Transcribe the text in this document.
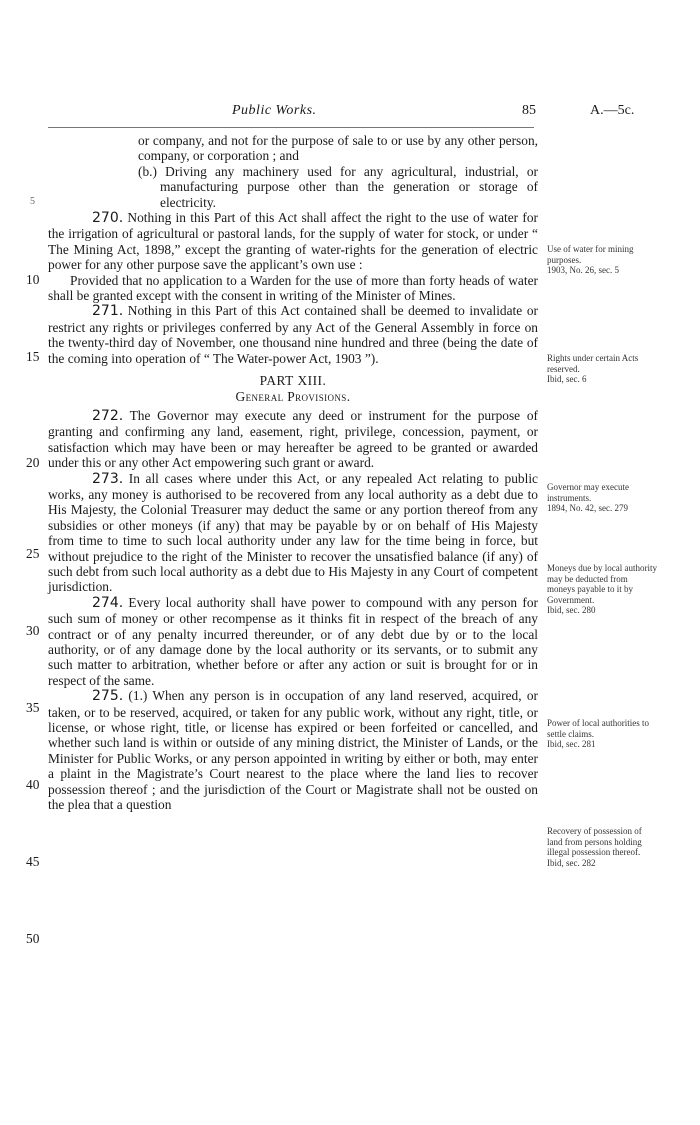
Public Works.	85	A.—5c.
5
10
15
20
25
30
35
40
45
50

or company, and not for the purpose of sale to or use by any other person, company, or corporation ; and

(b.) Driving any machinery used for any agricultural, industrial, or manufacturing purpose other than the generation or storage of electricity.

270. Nothing in this Part of this Act shall affect the right to the use of water for the irrigation of agricultural or pastoral lands, for the supply of water for stock, or under “ The Mining Act, 1898,” except the granting of water-rights for the generation of electric power for any other purpose save the applicant’s own use :

Provided that no application to a Warden for the use of more than forty heads of water shall be granted except with the consent in writing of the Minister of Mines.

271. Nothing in this Part of this Act contained shall be deemed to invalidate or restrict any rights or privileges conferred by any Act of the General Assembly in force on the twenty-third day of November, one thousand nine hundred and three (being the date of the coming into operation of “ The Water-power Act, 1903 ”).

PART XIII.

General Provisions.

272. The Governor may execute any deed or instrument for the purpose of granting and confirming any land, easement, right, privilege, concession, payment, or satisfaction which may have been or may hereafter be agreed to be granted or awarded under this or any other Act empowering such grant or award.

273. In all cases where under this Act, or any repealed Act relating to public works, any money is authorised to be recovered from any local authority as a debt due to His Majesty, the Colonial Treasurer may deduct the same or any portion thereof from any subsidies or other moneys (if any) that may be payable by or on behalf of His Majesty from time to time to such local authority under any law for the time being in force, but without prejudice to the right of the Minister to recover the unsatisfied balance (if any) of such debt from such local authority as a debt due to His Majesty in any Court of competent jurisdiction.

274. Every local authority shall have power to compound with any person for such sum of money or other recompense as it thinks fit in respect of the breach of any contract or of any penalty incurred thereunder, or of any debt due by or to the local authority, or of any damage done by the local authority or its servants, or to submit any such matter to arbitration, whether before or after any action or suit is brought for or in respect of the same.

275. (1.) When any person is in occupation of any land reserved, acquired, or taken, or to be reserved, acquired, or taken for any public work, without any right, title, or license, or whose right, title, or license has expired or been forfeited or cancelled, and whether such land is within or outside of any mining district, the Minister of Lands, or the Minister for Public Works, or any person appointed in writing by either or both, may enter a plaint in the Magistrate’s Court nearest to the place where the land lies to recover possession thereof ; and the jurisdiction of the Court or Magistrate shall not be ousted on the plea that a question

Use of water for mining purposes.
1903, No. 26, sec. 5
Rights under certain Acts reserved.
Ibid, sec. 6
Governor may execute instruments.
1894, No. 42, sec. 279
Moneys due by local authority may be deducted from moneys payable to it by Government.
Ibid, sec. 280
Power of local authorities to settle claims.
Ibid, sec. 281
Recovery of possession of land from persons holding illegal possession thereof.
Ibid, sec. 282
